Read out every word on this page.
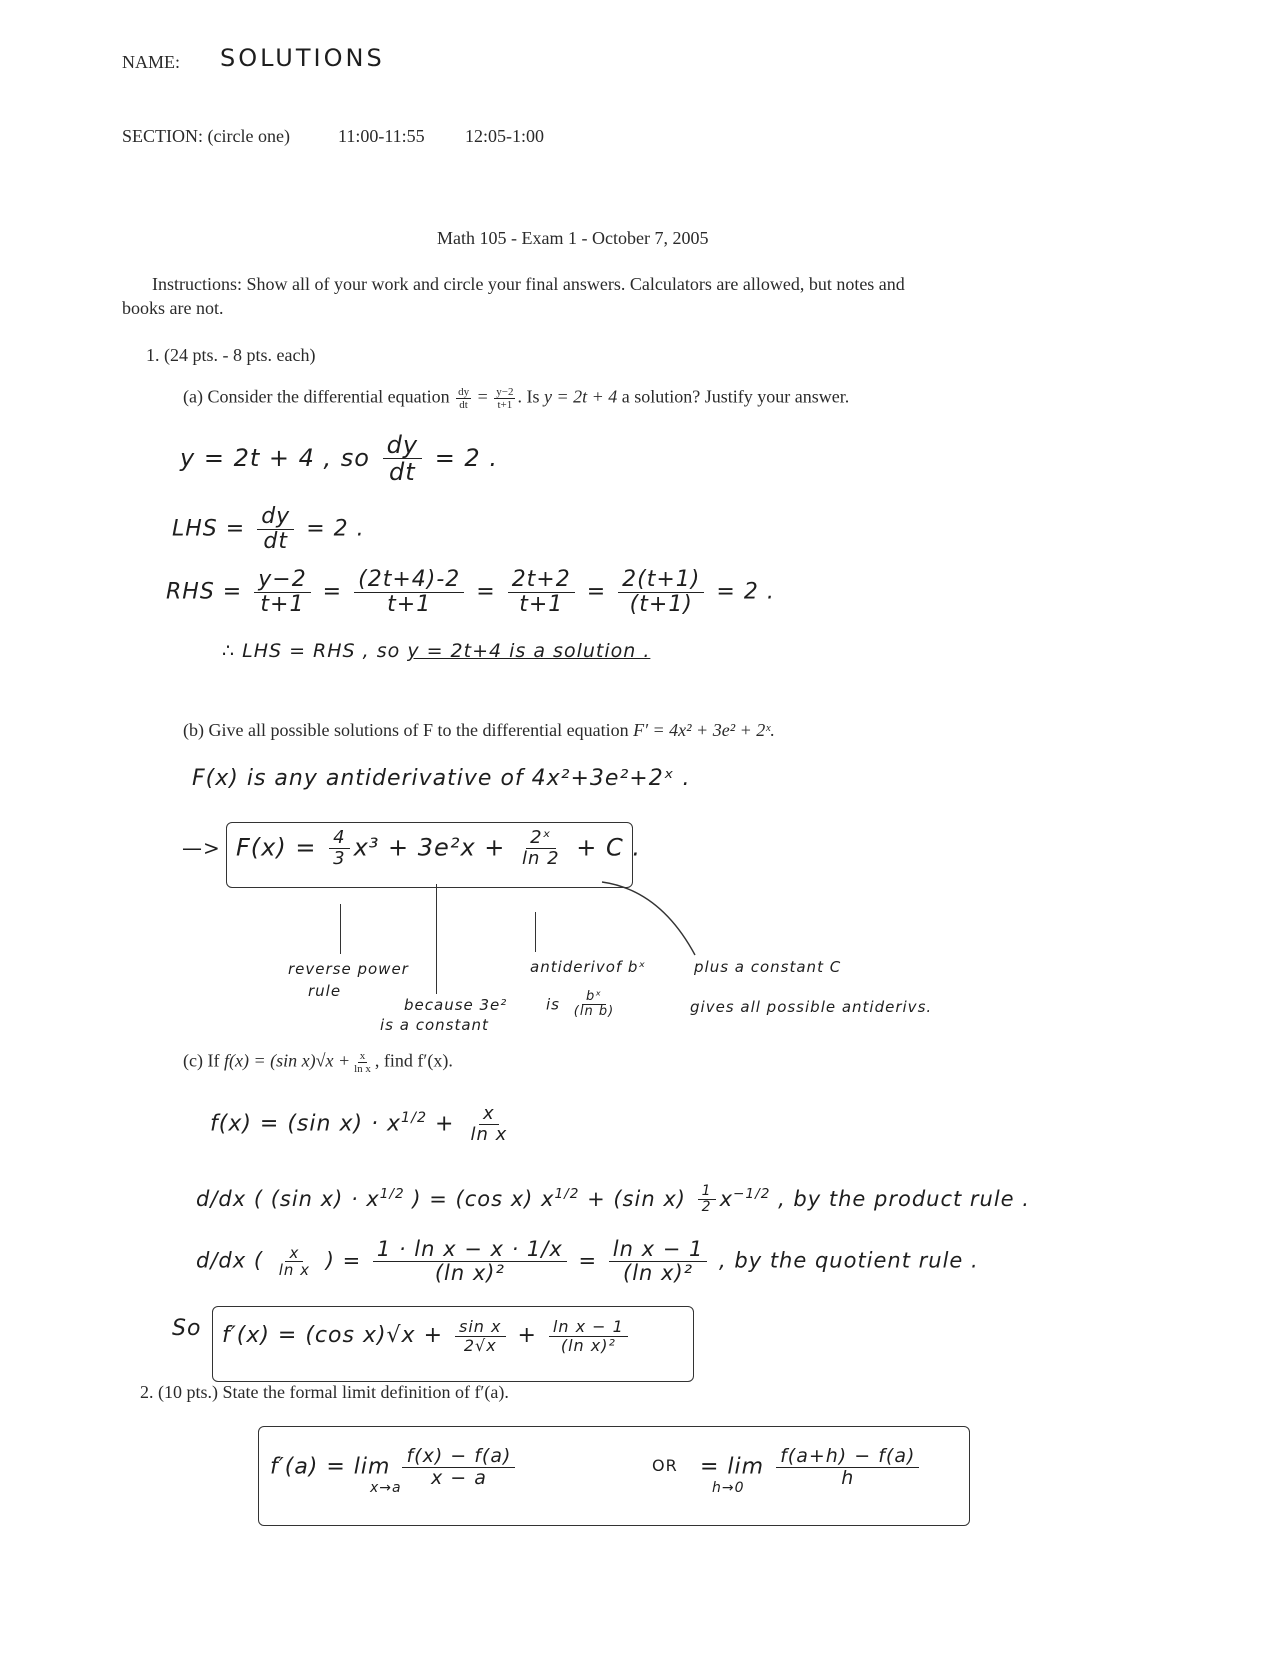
NAME: SOLUTIONS
SECTION: (circle one)	11:00-11:55 12:05-1:00
Math 105 - Exam 1 - October 7, 2005
Instructions: Show all of your work and circle your final answers. Calculators are allowed, but notes and
books are not.
1. (24 pts. - 8 pts. each)
(a) Consider the differential equation $\frac{dy}{dt} = \frac{y-2}{t+1}$ . Is y = 2t + 4 a solution? Justify your answer.
y = 2t + 4 , so $\frac{dy}{dt} = 2$ .
LHS = $\frac{dy}{dt} = 2$ .
RHS = $\frac{y-2}{t+1} = \frac{(2t+4)-2}{t+1} = \frac{2t+2}{t+1} = \frac{2(t+1)}{(t+1)} = 2$ .
∴ LHS = RHS , so y = 2t+4 is a solution .
(b) Give all possible solutions of F to the differential equation F′ = 4x² + 3e² + 2ˣ.
F(x) is any antiderivative of 4x²+3e²+2ˣ .
—> $F(x) = \frac{4}{3} x^3 + 3e^2x + \frac{\text{2ˣ}}{\ln 2} + C$ .
reverse power
rule
because 3e²
is a constant
antiderivof bˣ
is $\frac{\text{bˣ}}{\text{(ln b)}}$
plus a constant C
gives all possible antiderivs.
(c) If f(x) = (sin $x)√x + \frac{x}{\text{ln x}}$ , find f′(x).
f(x) = (sin $x) \cdot x^{1/2} + \frac{x}{\text{ln x}}$
d/dx ( (sin $x) \cdot x^{1/2}$ ) = (cos x) $x^{1/2} + (\sin$ $x) \frac{1}{2} x^{-1/2}$ , by the product rule .
d/dx ( $\frac{x}{\text{ln x}}$ ) = $\frac{\text{1 · ln x − x · 1/x}}{\text{(ln x)²}} = \frac{\text{ln x − 1}}{\text{(ln x)²}}$ , by the quotient rule .
So f′(x) = (cos $x)√x + \frac{\text{sin x}}{2√x} + \frac{\text{ln x − 1}}{\text{(ln x)²}}$
2. (10 pts.) State the formal limit definition of f′(a).
$f'(a) = \lim \frac{f(x) - f(a)}{x - a}$
x→a
OR = $\lim \frac{f(a+h) - f(a)}{h}$
h→0
